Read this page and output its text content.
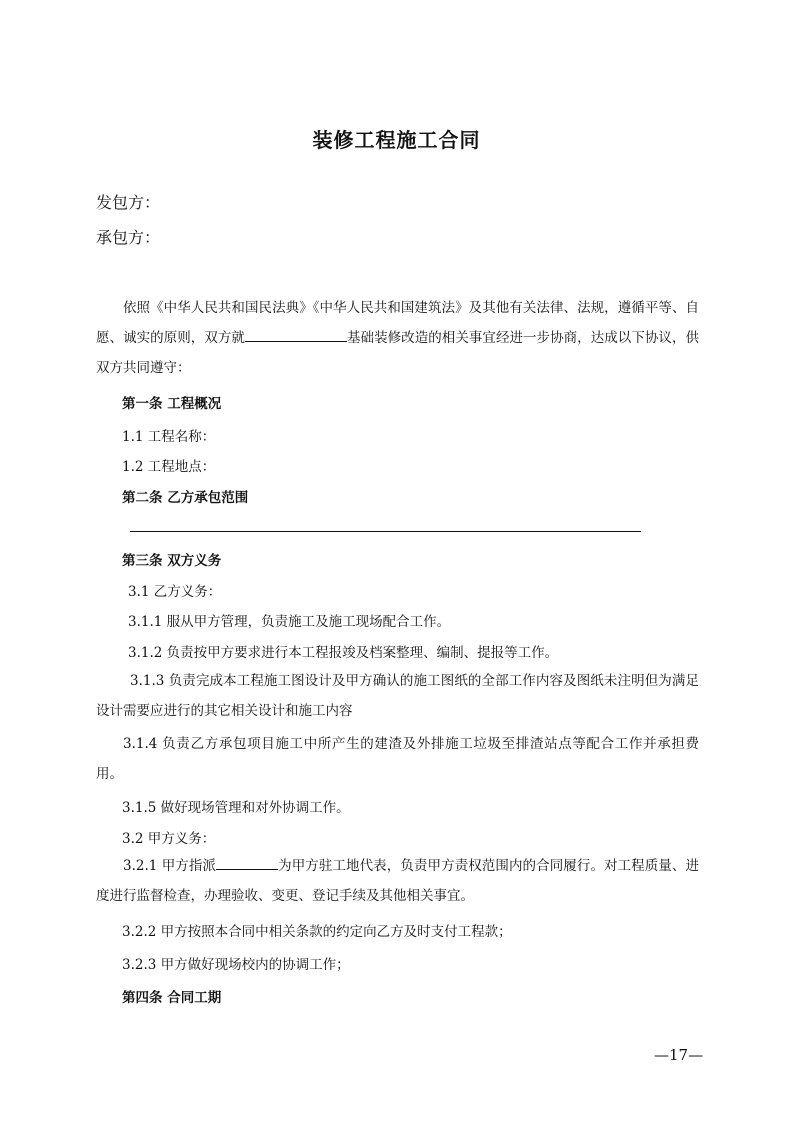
装修工程施工合同
发包方：
承包方：

依照《中华人民共和国民法典》《中华人民共和国建筑法》及其他有关法律、法规，遵循平等、自愿、诚实的原则，双方就	基础装修改造的相关事宜经进一步协商，达成以下协议，供双方共同遵守：

第一条 工程概况
1.1 工程名称：
1.2 工程地点：
第二条 乙方承包范围
第三条 双方义务
3.1 乙方义务：
3.1.1 服从甲方管理，负责施工及施工现场配合工作。
3.1.2 负责按甲方要求进行本工程报竣及档案整理、编制、提报等工作。

3.1.3 负责完成本工程施工图设计及甲方确认的施工图纸的全部工作内容及图纸未注明但为满足设计需要应进行的其它相关设计和施工内容

3.1.4 负责乙方承包项目施工中所产生的建渣及外排施工垃圾至排渣站点等配合工作并承担费用。

3.1.5 做好现场管理和对外协调工作。
3.2 甲方义务：

3.2.1 甲方指派	为甲方驻工地代表，负责甲方责权范围内的合同履行。对工程质量、进度进行监督检查，办理验收、变更、登记手续及其他相关事宜。

3.2.2 甲方按照本合同中相关条款的约定向乙方及时支付工程款；
3.2.3 甲方做好现场校内的协调工作；
第四条 合同工期
—17—
